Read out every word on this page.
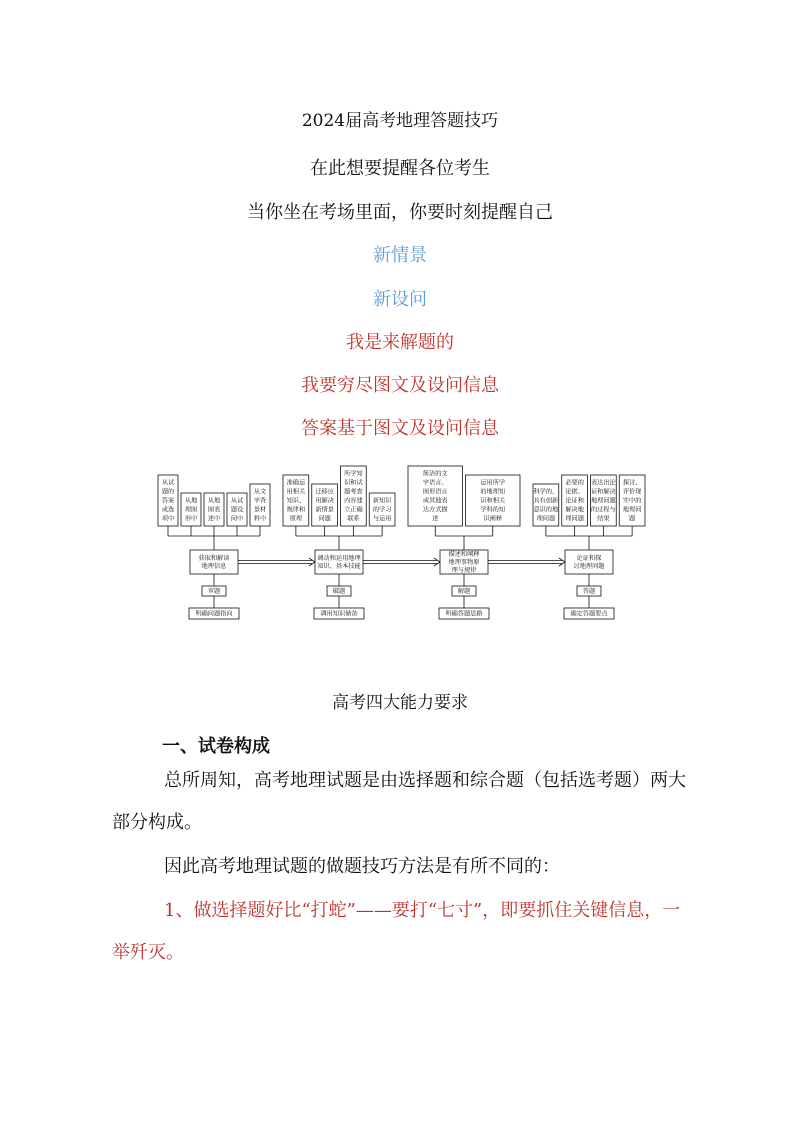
2024届高考地理答题技巧
在此想要提醒各位考生
当你坐在考场里面，你要时刻提醒自己
新情景
新设问
我是来解题的
我要穷尽图文及设问信息
答案基于图文及设问信息
从试题的答案或选项中
从地理图形中
从地图表述中
从试题设问中
从文字背景材料中
获取和解读地理信息
审题
明确问题指向
准确运用相关知识、规律和原理
迁移应用解决新情景问题
所学知识和试题考查内容建立正确联系
新知识的学习与运用
调动和运用地理知识、基本技能
破题
调用知识储备
简洁的文字语言、图形语言或其他表达方式描述
运用所学的地理知识和相关学科的知识阐释
描述和阐释地理事物原理与规律
解题
明确答题思路
科学的、具有创新意识的地理问题
必要的论据、论证和解决地理问题
表达出论证和解决地理问题的过程与结果
探讨、评价现实中的地理问题
论证和探讨地理问题
答题
确定答题要点
高考四大能力要求
一、试卷构成
总所周知，高考地理试题是由选择题和综合题（包括选考题）两大部分构成。
因此高考地理试题的做题技巧方法是有所不同的：
1、做选择题好比“打蛇”——要打“七寸”，即要抓住关键信息，一举歼灭。
